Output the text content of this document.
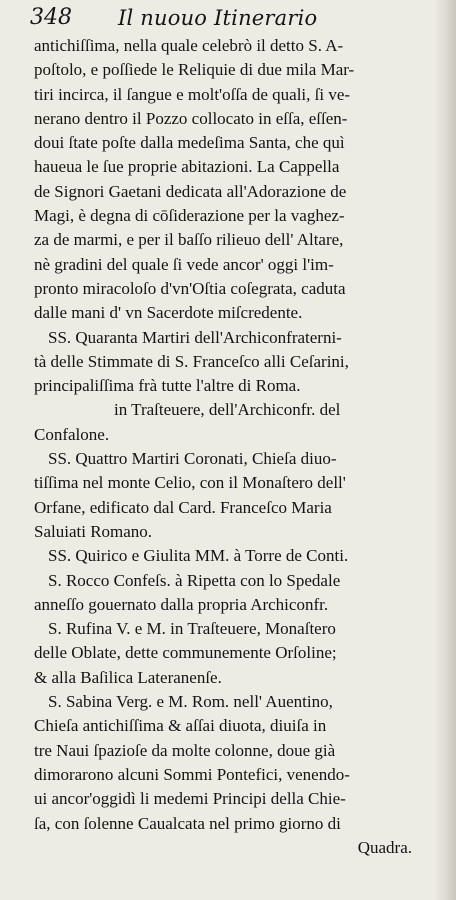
348 Il nuouo Itinerario
antichiſſima, nella quale celebrò il detto S. A-
poſtolo, e poſſiede le Reliquie di due mila Mar-
tiri incirca, il ſangue e molt'oſſa de quali, ſi ve-
nerano dentro il Pozzo collocato in eſſa, eſſen-
doui ſtate poſte dalla medeſima Santa, che quì
haueua le ſue proprie abitazioni. La Cappella
de Signori Gaetani dedicata all'Adorazione de
Magi, è degna di cōſiderazione per la vaghez-
za de marmi, e per il baſſo rilieuo dell' Altare,
nè gradini del quale ſi vede ancor' oggi l'im-
pronto miracoloſo d'vn'Oſtia coſegrata, caduta
dalle mani d' vn Sacerdote miſcredente.
SS. Quaranta Martiri dell'Archiconfraterni-
tà delle Stimmate di S. Franceſco alli Ceſarini,
principaliſſima frà tutte l'altre di Roma.
in Traſteuere, dell'Archiconfr. del
Confalone.
SS. Quattro Martiri Coronati, Chieſa diuo-
tiſſima nel monte Celio, con il Monaſtero dell'
Orfane, edificato dal Card. Franceſco Maria
Saluiati Romano.
SS. Quirico e Giulita MM. à Torre de Conti.
S. Rocco Confeſs. à Ripetta con lo Spedale
anneſſo gouernato dalla propria Archiconfr.
S. Rufina V. e M. in Traſteuere, Monaſtero
delle Oblate, dette communemente Orſoline;
& alla Baſilica Lateranenſe.
S. Sabina Verg. e M. Rom. nell' Auentino,
Chieſa antichiſſima & aſſai diuota, diuiſa in
tre Naui ſpazioſe da molte colonne, doue già
dimorarono alcuni Sommi Pontefici, venendo-
ui ancor'oggidì li medemi Principi della Chie-
ſa, con ſolenne Caualcata nel primo giorno di
Quadra.
